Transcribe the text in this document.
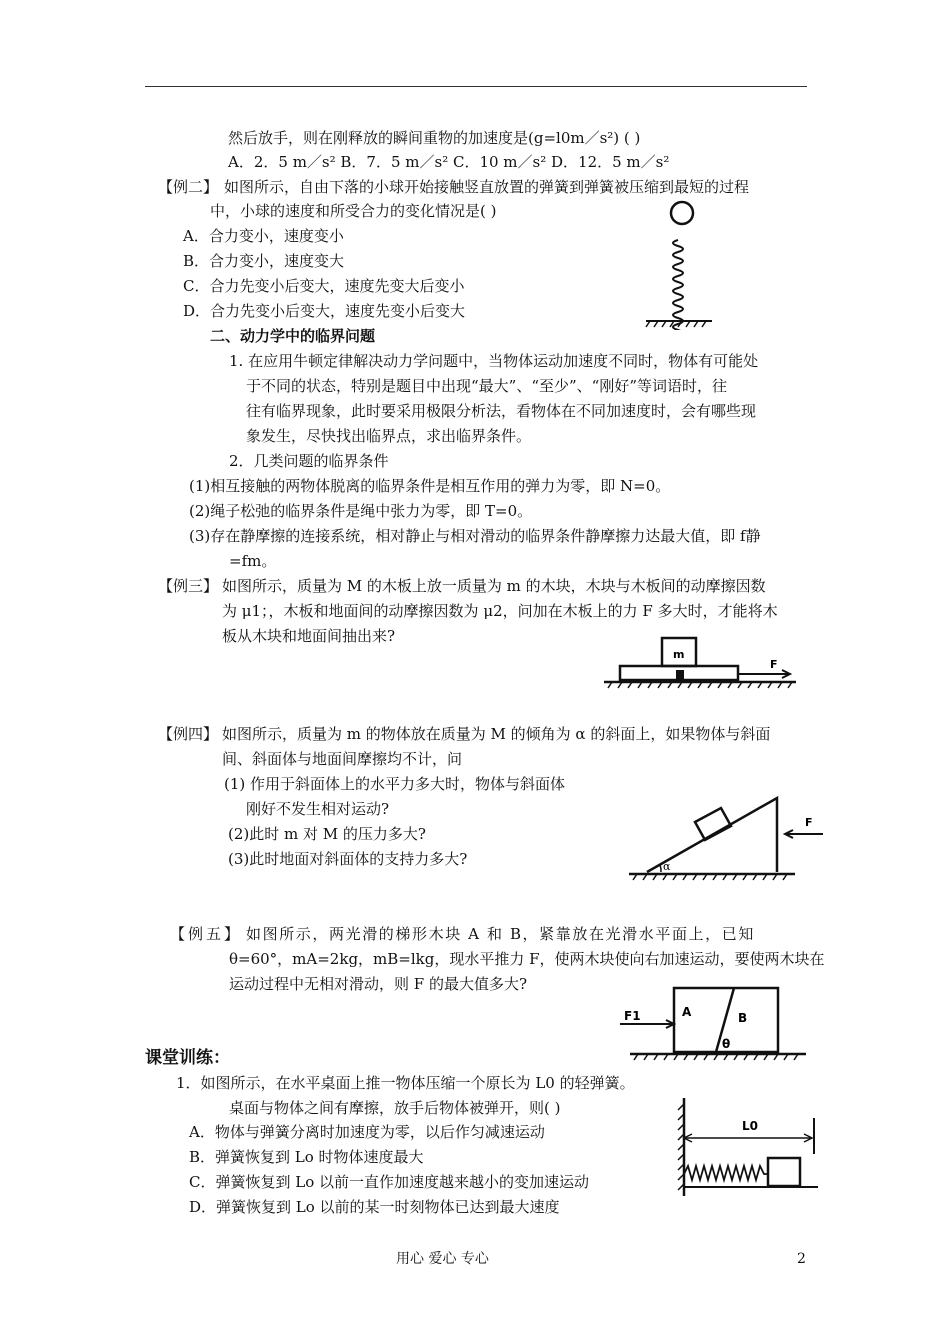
然后放手，则在刚释放的瞬间重物的加速度是(g=l0m／s²) ( )
A．2．5 m／s² B．7．5 m／s² C．10 m／s² D．12．5 m／s²
【例二】 如图所示，自由下落的小球开始接触竖直放置的弹簧到弹簧被压缩到最短的过程
中，小球的速度和所受合力的变化情况是( )
A．合力变小，速度变小
B．合力变小，速度变大
C．合力先变小后变大，速度先变大后变小
D．合力先变小后变大，速度先变小后变大
二、动力学中的临界问题
1. 在应用牛顿定律解决动力学问题中，当物体运动加速度不同时，物体有可能处
于不同的状态，特别是题目中出现“最大”、“至少”、“刚好”等词语时，往
往有临界现象，此时要采用极限分析法，看物体在不同加速度时，会有哪些现
象发生，尽快找出临界点，求出临界条件。
2．几类问题的临界条件
(1)相互接触的两物体脱离的临界条件是相互作用的弹力为零，即 N=0。
(2)绳子松弛的临界条件是绳中张力为零，即 T=0。
(3)存在静摩擦的连接系统，相对静止与相对滑动的临界条件静摩擦力达最大值，即 f静
=fm。
【例三】 如图所示，质量为 M 的木板上放一质量为 m 的木块，木块与木板间的动摩擦因数
为 μ1；，木板和地面间的动摩擦因数为 μ2，问加在木板上的力 F 多大时，才能将木
板从木块和地面间抽出来?
m
F
【例四】 如图所示，质量为 m 的物体放在质量为 M 的倾角为 α 的斜面上，如果物体与斜面
间、斜面体与地面间摩擦均不计，问
(1) 作用于斜面体上的水平力多大时，物体与斜面体
刚好不发生相对运动?
(2)此时 m 对 M 的压力多大?
(3)此时地面对斜面体的支持力多大?	α
F
【例五】 如图所示，两光滑的梯形木块 A 和 B，紧靠放在光滑水平面上，已知
θ=60°，mA=2kg，mB=lkg，现水平推力 F，使两木块使向右加速运动，要使两木块在
运动过程中无相对滑动，则 F 的最大值多大?
A	B
θ
F1
课堂训练：
1．如图所示，在水平桌面上推一物体压缩一个原长为 L0 的轻弹簧。
桌面与物体之间有摩擦，放手后物体被弹开，则( )
A．物体与弹簧分离时加速度为零，以后作匀减速运动
B．弹簧恢复到 Lo 时物体速度最大
C．弹簧恢复到 Lo 以前一直作加速度越来越小的变加速运动
D．弹簧恢复到 Lo 以前的某一时刻物体已达到最大速度
L0
用心 爱心 专心	2
